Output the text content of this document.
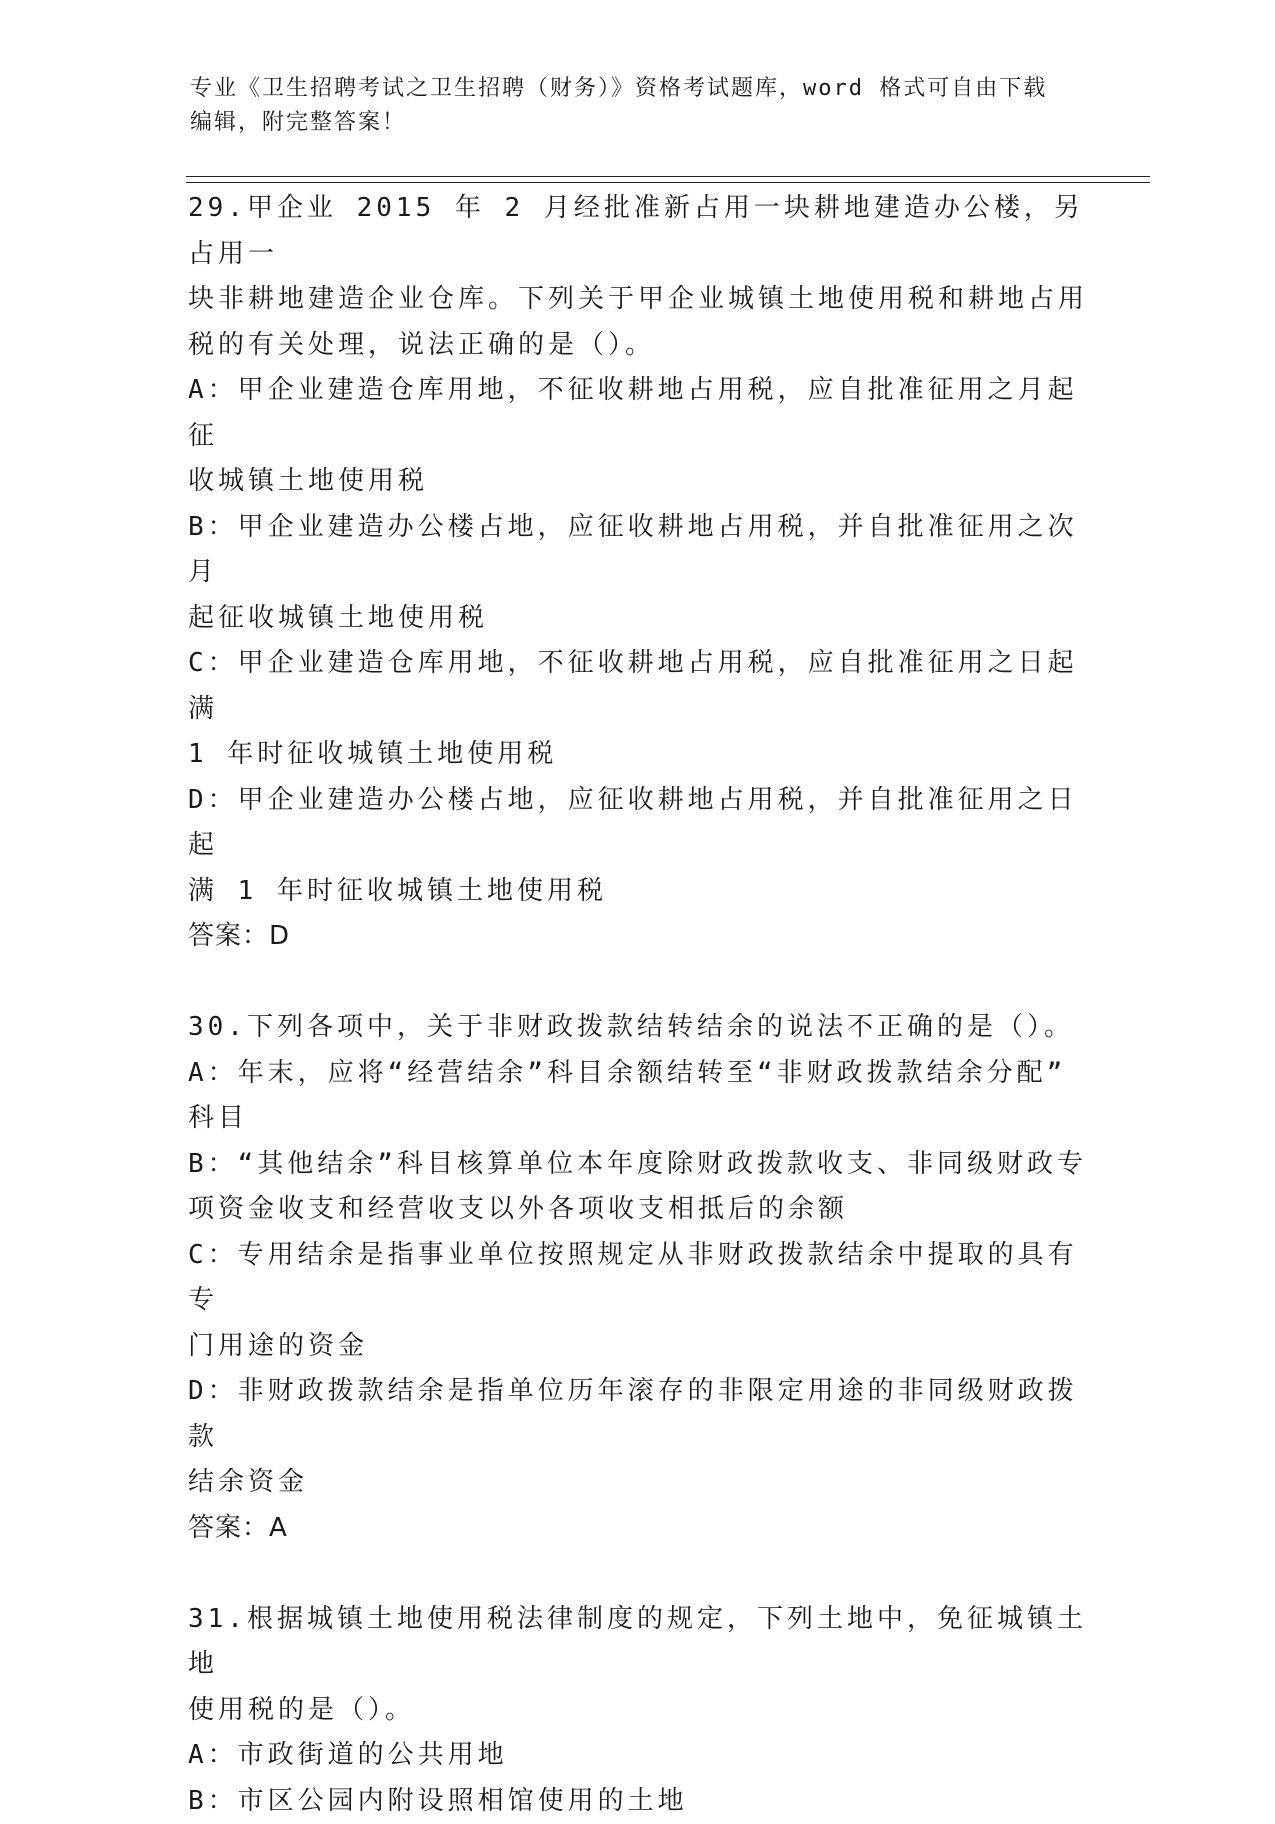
专业《卫生招聘考试之卫生招聘（财务）》资格考试题库，word 格式可自由下载
编辑，附完整答案！
29.甲企业 2015 年 2 月经批准新占用一块耕地建造办公楼，另占用一
块非耕地建造企业仓库。下列关于甲企业城镇土地使用税和耕地占用
税的有关处理，说法正确的是（）。
A：甲企业建造仓库用地，不征收耕地占用税，应自批准征用之月起征
收城镇土地使用税
B：甲企业建造办公楼占地，应征收耕地占用税，并自批准征用之次月
起征收城镇土地使用税
C：甲企业建造仓库用地，不征收耕地占用税，应自批准征用之日起满
1 年时征收城镇土地使用税
D：甲企业建造办公楼占地，应征收耕地占用税，并自批准征用之日起
满 1 年时征收城镇土地使用税
答案：D
30.下列各项中，关于非财政拨款结转结余的说法不正确的是（）。
A：年末，应将“经营结余”科目余额结转至“非财政拨款结余分配”
科目
B：“其他结余”科目核算单位本年度除财政拨款收支、非同级财政专
项资金收支和经营收支以外各项收支相抵后的余额
C：专用结余是指事业单位按照规定从非财政拨款结余中提取的具有专
门用途的资金
D：非财政拨款结余是指单位历年滚存的非限定用途的非同级财政拨款
结余资金
答案：A
31.根据城镇土地使用税法律制度的规定，下列土地中，免征城镇土地
使用税的是（）。
A：市政街道的公共用地
B：市区公园内附设照相馆使用的土地
